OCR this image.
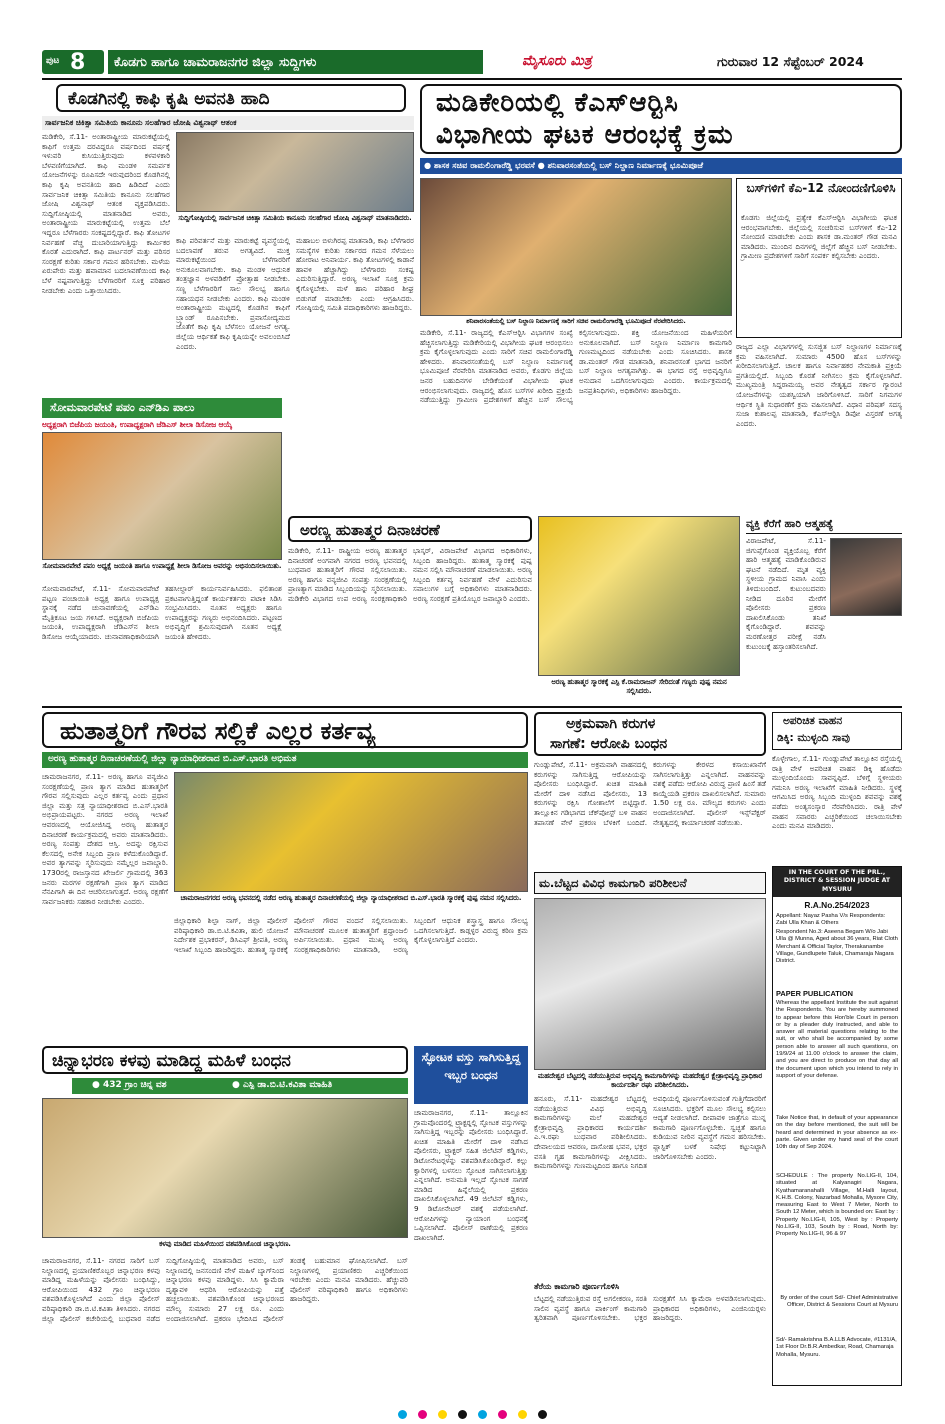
ಪುಟ 8 ಕೊಡಗು ಹಾಗೂ ಚಾಮರಾಜನಗರ ಜಿಲ್ಲಾ ಸುದ್ದಿಗಳು	ಮೈಸೂರು ಮಿತ್ರ	ಗುರುವಾರ 12 ಸೆಪ್ಟೆಂಬರ್ 2024
ಕೊಡಗಿನಲ್ಲಿ ಕಾಫಿ ಕೃಷಿ ಅವನತಿ ಹಾದಿ
ಸಾರ್ವಜನಿಕ ಚಿಕಿತ್ಸಾ ಸಮಿತಿಯ ಕಾನೂನು ಸಲಹೆಗಾರ ಜೋಷಿ ವಿಶ್ವನಾಥ್ ಆತಂಕ
ಮಡಿಕೇರಿ, ಸೆ.11- ಅಂತಾರಾಷ್ಟ್ರೀಯ ಮಾರುಕಟ್ಟೆಯಲ್ಲಿ ಕಾಫಿಗೆ ಉತ್ತಮ ದರವಿದ್ದರೂ ವರ್ಷದಿಂದ ವರ್ಷಕ್ಕೆ ಇಳುವರಿ ಕುಸಿಯುತ್ತಿರುವುದು ಕಳವಳಕಾರಿ ಬೆಳವಣಿಗೆಯಾಗಿದೆ. ಕಾಫಿ ಮಂಡಳಿ ಸಮರ್ಪಕ ಯೋಜನೆಗಳನ್ನು ರೂಪಿಸದೇ ಇರುವುದರಿಂದ ಕೊಡಗಿನಲ್ಲಿ ಕಾಫಿ ಕೃಷಿ ಅವನತಿಯ ಹಾದಿ ಹಿಡಿದಿದೆ ಎಂದು ಸಾರ್ವಜನಿಕ ಚಿಕಿತ್ಸಾ ಸಮಿತಿಯ ಕಾನೂನು ಸಲಹೆಗಾರ ಜೋಷಿ ವಿಶ್ವನಾಥ್ ಆತಂಕ ವ್ಯಕ್ತಪಡಿಸಿದರು. ಸುದ್ದಿಗೋಷ್ಠಿಯಲ್ಲಿ ಮಾತನಾಡಿದ ಅವರು, ಅಂತಾರಾಷ್ಟ್ರೀಯ ಮಾರುಕಟ್ಟೆಯಲ್ಲಿ ಉತ್ತಮ ಬೆಲೆ ಇದ್ದರೂ ಬೆಳೆಗಾರರು ಸಂಕಷ್ಟದಲ್ಲಿದ್ದಾರೆ. ಕಾಫಿ ತೋಟಗಳ ನಿರ್ವಹಣೆ ವೆಚ್ಚ ದುಬಾರಿಯಾಗುತ್ತಿದ್ದು ಕಾರ್ಮಿಕರ ಕೊರತೆ ಎದುರಾಗಿದೆ. ಕಾಫಿ ಪಾರ್ಟನರ್ ಮತ್ತು ಪರಿಸರ ಸಂರಕ್ಷಣೆ ಕುರಿತು ಸರ್ಕಾರ ಗಮನ ಹರಿಸಬೇಕು. ಮಳೆಯ ಏರುಪೇರು ಮತ್ತು ಹವಾಮಾನ ಬದಲಾವಣೆಯಿಂದ ಕಾಫಿ ಬೆಳೆ ನಷ್ಟವಾಗುತ್ತಿದ್ದು ಬೆಳೆಗಾರರಿಗೆ ಸೂಕ್ತ ಪರಿಹಾರ ನೀಡಬೇಕು ಎಂದು ಒತ್ತಾಯಿಸಿದರು.
ಸುದ್ದಿಗೋಷ್ಠಿಯಲ್ಲಿ ಸಾರ್ವಜನಿಕ ಚಿಕಿತ್ಸಾ ಸಮಿತಿಯ ಕಾನೂನು ಸಲಹೆಗಾರ ಜೋಷಿ ವಿಶ್ವನಾಥ್ ಮಾತನಾಡಿದರು.
ಕಾಫಿ ಪರಿವರ್ತನೆ ಮತ್ತು ಮಾರುಕಟ್ಟೆ ವ್ಯವಸ್ಥೆಯಲ್ಲಿ ಬದಲಾವಣೆ ತರುವ ಅಗತ್ಯವಿದೆ. ಮುಕ್ತ ಮಾರುಕಟ್ಟೆಯಿಂದ ಬೆಳೆಗಾರರಿಗೆ ಅನುಕೂಲವಾಗಬೇಕು. ಕಾಫಿ ಮಂಡಳಿ ಆಧುನಿಕ ತಂತ್ರಜ್ಞಾನ ಅಳವಡಿಕೆಗೆ ಪ್ರೋತ್ಸಾಹ ನೀಡಬೇಕು. ಸಣ್ಣ ಬೆಳೆಗಾರರಿಗೆ ಸಾಲ ಸೌಲಭ್ಯ ಹಾಗೂ ಸಹಾಯಧನ ನೀಡಬೇಕು ಎಂದರು. ಕಾಫಿ ಮಂಡಳಿ ಅಂತಾರಾಷ್ಟ್ರೀಯ ಮಟ್ಟದಲ್ಲಿ ಕೊಡಗಿನ ಕಾಫಿಗೆ ಬ್ರ್ಯಾಂಡ್ ರೂಪಿಸಬೇಕು. ಪ್ರವಾಸೋದ್ಯಮದ ಜೊತೆಗೆ ಕಾಫಿ ಕೃಷಿ ಬೆಳೆಸಲು ಯೋಜನೆ ಅಗತ್ಯ. ಜಿಲ್ಲೆಯ ಆರ್ಥಿಕತೆ ಕಾಫಿ ಕೃಷಿಯನ್ನೇ ಅವಲಂಬಿಸಿದೆ ಎಂದರು.
ಮಹಾಬಲ ಬಿಳುಗಿರಪ್ಪ ಮಾತನಾಡಿ, ಕಾಫಿ ಬೆಳೆಗಾರರ ಸಮಸ್ಯೆಗಳ ಕುರಿತು ಸರ್ಕಾರದ ಗಮನ ಸೆಳೆಯಲು ಹೋರಾಟ ಅನಿವಾರ್ಯ. ಕಾಫಿ ತೋಟಗಳಲ್ಲಿ ಕಾಡಾನೆ ಹಾವಳಿ ಹೆಚ್ಚಾಗಿದ್ದು ಬೆಳೆಗಾರರು ಸಂಕಷ್ಟ ಎದುರಿಸುತ್ತಿದ್ದಾರೆ. ಅರಣ್ಯ ಇಲಾಖೆ ಸೂಕ್ತ ಕ್ರಮ ಕೈಗೊಳ್ಳಬೇಕು. ಮಳೆ ಹಾನಿ ಪರಿಹಾರ ಶೀಘ್ರ ಬಿಡುಗಡೆ ಮಾಡಬೇಕು ಎಂದು ಆಗ್ರಹಿಸಿದರು. ಗೋಷ್ಠಿಯಲ್ಲಿ ಸಮಿತಿ ಪದಾಧಿಕಾರಿಗಳು ಹಾಜರಿದ್ದರು.
ಸೋಮವಾರಪೇಟೆ ಪಪಂ ಎನ್‍ಡಿಎ ಪಾಲು
ಅಧ್ಯಕ್ಷರಾಗಿ ಬಿಜೆಪಿಯ ಜಯಂತಿ, ಉಪಾಧ್ಯಕ್ಷರಾಗಿ ಜೆಡಿಎಸ್ ಶೀಲಾ ಡಿಸೋಜ ಆಯ್ಕೆ
ಸೋಮವಾರಪೇಟೆ ಪಪಂ ಅಧ್ಯಕ್ಷೆ ಜಯಂತಿ ಹಾಗೂ ಉಪಾಧ್ಯಕ್ಷೆ ಶೀಲಾ ಡಿಸೋಜ ಅವರನ್ನು ಅಭಿನಂದಿಸಲಾಯಿತು.
ಸೋಮವಾರಪೇಟೆ, ಸೆ.11- ಸೋಮವಾರಪೇಟೆ ಪಟ್ಟಣ ಪಂಚಾಯಿತಿ ಅಧ್ಯಕ್ಷ ಹಾಗೂ ಉಪಾಧ್ಯಕ್ಷ ಸ್ಥಾನಕ್ಕೆ ನಡೆದ ಚುನಾವಣೆಯಲ್ಲಿ ಎನ್‍ಡಿಎ ಮೈತ್ರಿಕೂಟ ಜಯ ಗಳಿಸಿದೆ. ಅಧ್ಯಕ್ಷರಾಗಿ ಬಿಜೆಪಿಯ ಜಯಂತಿ, ಉಪಾಧ್ಯಕ್ಷರಾಗಿ ಜೆಡಿಎಸ್‍ನ ಶೀಲಾ ಡಿಸೋಜ ಆಯ್ಕೆಯಾದರು. ಚುನಾವಣಾಧಿಕಾರಿಯಾಗಿ ತಹಸೀಲ್ದಾರ್ ಕಾರ್ಯನಿರ್ವಹಿಸಿದರು. ಫಲಿತಾಂಶ ಪ್ರಕಟವಾಗುತ್ತಿದ್ದಂತೆ ಕಾರ್ಯಕರ್ತರು ಪಟಾಕಿ ಸಿಡಿಸಿ ಸಂಭ್ರಮಿಸಿದರು. ನೂತನ ಅಧ್ಯಕ್ಷರು ಹಾಗೂ ಉಪಾಧ್ಯಕ್ಷರನ್ನು ಗಣ್ಯರು ಅಭಿನಂದಿಸಿದರು. ಪಟ್ಟಣದ ಅಭಿವೃದ್ಧಿಗೆ ಶ್ರಮಿಸುವುದಾಗಿ ನೂತನ ಅಧ್ಯಕ್ಷೆ ಜಯಂತಿ ಹೇಳಿದರು.
ಮಡಿಕೇರಿಯಲ್ಲಿ ಕೆಎಸ್‍ಆರ್‍ಟಿಸಿ
ವಿಭಾಗೀಯ ಘಟಕ ಆರಂಭಕ್ಕೆ ಕ್ರಮ
● ಶಾಸಕ ಸಚಿವ ರಾಮಲಿಂಗಾರೆಡ್ಡಿ ಭರವಸೆ ● ಶನಿವಾರಸಂತೆಯಲ್ಲಿ ಬಸ್ ನಿಲ್ದಾಣ ನಿರ್ಮಾಣಕ್ಕೆ ಭೂಮಿಪೂಜೆ
ಶನಿವಾರಸಂತೆಯಲ್ಲಿ ಬಸ್ ನಿಲ್ದಾಣ ನಿರ್ಮಾಣಕ್ಕೆ ಸಾರಿಗೆ ಸಚಿವ ರಾಮಲಿಂಗಾರೆಡ್ಡಿ ಭೂಮಿಪೂಜೆ ನೆರವೇರಿಸಿದರು.
ಮಡಿಕೇರಿ, ಸೆ.11- ರಾಜ್ಯದಲ್ಲಿ ಕೆಎಸ್‍ಆರ್‍ಟಿಸಿ ವಿಭಾಗಗಳ ಸಂಖ್ಯೆ ಹೆಚ್ಚಿಸಲಾಗುತ್ತಿದ್ದು ಮಡಿಕೇರಿಯಲ್ಲಿ ವಿಭಾಗೀಯ ಘಟಕ ಆರಂಭಿಸಲು ಕ್ರಮ ಕೈಗೊಳ್ಳಲಾಗುವುದು ಎಂದು ಸಾರಿಗೆ ಸಚಿವ ರಾಮಲಿಂಗಾರೆಡ್ಡಿ ಹೇಳಿದರು. ಶನಿವಾರಸಂತೆಯಲ್ಲಿ ಬಸ್ ನಿಲ್ದಾಣ ನಿರ್ಮಾಣಕ್ಕೆ ಭೂಮಿಪೂಜೆ ನೆರವೇರಿಸಿ ಮಾತನಾಡಿದ ಅವರು, ಕೊಡಗು ಜಿಲ್ಲೆಯ ಜನರ ಬಹುದಿನಗಳ ಬೇಡಿಕೆಯಂತೆ ವಿಭಾಗೀಯ ಘಟಕ ಆರಂಭಿಸಲಾಗುವುದು. ರಾಜ್ಯದಲ್ಲಿ ಹೊಸ ಬಸ್‍ಗಳ ಖರೀದಿ ಪ್ರಕ್ರಿಯೆ ನಡೆಯುತ್ತಿದ್ದು ಗ್ರಾಮೀಣ ಪ್ರದೇಶಗಳಿಗೆ ಹೆಚ್ಚಿನ ಬಸ್ ಸೌಲಭ್ಯ ಕಲ್ಪಿಸಲಾಗುವುದು. ಶಕ್ತಿ ಯೋಜನೆಯಿಂದ ಮಹಿಳೆಯರಿಗೆ ಅನುಕೂಲವಾಗಿದೆ. ಬಸ್ ನಿಲ್ದಾಣ ನಿರ್ಮಾಣ ಕಾಮಗಾರಿ ಗುಣಮಟ್ಟದಿಂದ ನಡೆಯಬೇಕು ಎಂದು ಸೂಚಿಸಿದರು. ಶಾಸಕ ಡಾ.ಮಂತರ್ ಗೌಡ ಮಾತನಾಡಿ, ಶನಿವಾರಸಂತೆ ಭಾಗದ ಜನರಿಗೆ ಬಸ್ ನಿಲ್ದಾಣ ಅಗತ್ಯವಾಗಿತ್ತು. ಈ ಭಾಗದ ರಸ್ತೆ ಅಭಿವೃದ್ಧಿಗೂ ಅನುದಾನ ಒದಗಿಸಲಾಗುವುದು ಎಂದರು. ಕಾರ್ಯಕ್ರಮದಲ್ಲಿ ಜನಪ್ರತಿನಿಧಿಗಳು, ಅಧಿಕಾರಿಗಳು ಹಾಜರಿದ್ದರು.
ಬಸ್‍ಗಳಿಗೆ ಕೆಎ-12 ನೋಂದಣಿಗೊಳಿಸಿ
ಕೊಡಗು ಜಿಲ್ಲೆಯಲ್ಲಿ ಪ್ರತ್ಯೇಕ ಕೆಎಸ್‍ಆರ್‍ಟಿಸಿ ವಿಭಾಗೀಯ ಘಟಕ ಆರಂಭವಾಗಬೇಕು. ಜಿಲ್ಲೆಯಲ್ಲಿ ಸಂಚರಿಸುವ ಬಸ್‍ಗಳಿಗೆ ಕೆಎ-12 ನೋಂದಣಿ ಮಾಡಬೇಕು ಎಂದು ಶಾಸಕ ಡಾ.ಮಂತರ್ ಗೌಡ ಮನವಿ ಮಾಡಿದರು. ಮುಂದಿನ ದಿನಗಳಲ್ಲಿ ಜಿಲ್ಲೆಗೆ ಹೆಚ್ಚಿನ ಬಸ್ ನೀಡಬೇಕು. ಗ್ರಾಮೀಣ ಪ್ರದೇಶಗಳಿಗೆ ಸಾರಿಗೆ ಸಂಪರ್ಕ ಕಲ್ಪಿಸಬೇಕು ಎಂದರು.
ರಾಜ್ಯದ ಎಲ್ಲಾ ವಿಭಾಗಗಳಲ್ಲಿ ಸುಸಜ್ಜಿತ ಬಸ್ ನಿಲ್ದಾಣಗಳ ನಿರ್ಮಾಣಕ್ಕೆ ಕ್ರಮ ವಹಿಸಲಾಗಿದೆ. ಸುಮಾರು 4500 ಹೊಸ ಬಸ್‍ಗಳನ್ನು ಖರೀದಿಸಲಾಗುತ್ತಿದೆ. ಚಾಲಕ ಹಾಗೂ ನಿರ್ವಾಹಕರ ನೇಮಕಾತಿ ಪ್ರಕ್ರಿಯೆ ಪ್ರಗತಿಯಲ್ಲಿದೆ. ಸಿಬ್ಬಂದಿ ಕೊರತೆ ನೀಗಿಸಲು ಕ್ರಮ ಕೈಗೊಳ್ಳಲಾಗಿದೆ. ಮುಖ್ಯಮಂತ್ರಿ ಸಿದ್ದರಾಮಯ್ಯ ಅವರ ನೇತೃತ್ವದ ಸರ್ಕಾರ ಗ್ಯಾರಂಟಿ ಯೋಜನೆಗಳನ್ನು ಯಶಸ್ವಿಯಾಗಿ ಜಾರಿಗೊಳಿಸಿದೆ. ಸಾರಿಗೆ ನಿಗಮಗಳ ಆರ್ಥಿಕ ಸ್ಥಿತಿ ಸುಧಾರಣೆಗೆ ಕ್ರಮ ವಹಿಸಲಾಗಿದೆ. ವಿಧಾನ ಪರಿಷತ್ ಸದಸ್ಯ ಸುಜಾ ಕುಶಾಲಪ್ಪ ಮಾತನಾಡಿ, ಕೆಎಸ್‍ಆರ್‍ಟಿಸಿ ಡಿಪೋ ವಿಸ್ತರಣೆ ಅಗತ್ಯ ಎಂದರು.
ಅರಣ್ಯ ಹುತಾತ್ಮರ ದಿನಾಚರಣೆ
ಮಡಿಕೇರಿ, ಸೆ.11- ರಾಷ್ಟ್ರೀಯ ಅರಣ್ಯ ಹುತಾತ್ಮರ ದಿನಾಚರಣೆ ಅಂಗವಾಗಿ ನಗರದ ಅರಣ್ಯ ಭವನದಲ್ಲಿ ಬುಧವಾರ ಹುತಾತ್ಮರಿಗೆ ಗೌರವ ಸಲ್ಲಿಸಲಾಯಿತು. ಅರಣ್ಯ ಹಾಗೂ ವನ್ಯಜೀವಿ ಸಂಪತ್ತು ಸಂರಕ್ಷಣೆಯಲ್ಲಿ ಪ್ರಾಣತ್ಯಾಗ ಮಾಡಿದ ಸಿಬ್ಬಂದಿಯನ್ನು ಸ್ಮರಿಸಲಾಯಿತು. ಮಡಿಕೇರಿ ವಿಭಾಗದ ಉಪ ಅರಣ್ಯ ಸಂರಕ್ಷಣಾಧಿಕಾರಿ ಭಾಸ್ಕರ್, ವಿರಾಜಪೇಟೆ ವಿಭಾಗದ ಅಧಿಕಾರಿಗಳು, ಸಿಬ್ಬಂದಿ ಹಾಜರಿದ್ದರು. ಹುತಾತ್ಮ ಸ್ಮಾರಕಕ್ಕೆ ಪುಷ್ಪ ನಮನ ಸಲ್ಲಿಸಿ ಮೌನಾಚರಣೆ ಮಾಡಲಾಯಿತು. ಅರಣ್ಯ ಸಿಬ್ಬಂದಿ ಕರ್ತವ್ಯ ನಿರ್ವಹಣೆ ವೇಳೆ ಎದುರಿಸುವ ಸವಾಲುಗಳ ಬಗ್ಗೆ ಅಧಿಕಾರಿಗಳು ಮಾತನಾಡಿದರು. ಅರಣ್ಯ ಸಂರಕ್ಷಣೆ ಪ್ರತಿಯೊಬ್ಬರ ಜವಾಬ್ದಾರಿ ಎಂದರು.
ಅರಣ್ಯ ಹುತಾತ್ಮರ ಸ್ಮಾರಕಕ್ಕೆ ಎಸ್ಪಿ ಕೆ.ರಾಮರಾಜನ್ ಸೇರಿದಂತೆ ಗಣ್ಯರು ಪುಷ್ಪ ನಮನ ಸಲ್ಲಿಸಿದರು.
ವ್ಯಕ್ತಿ ಕೆರೆಗೆ ಹಾರಿ ಆತ್ಮಹತ್ಯೆ
ವಿರಾಜಪೇಟೆ, ಸೆ.11- ಜಿಗುಪ್ಸೆಗೊಂಡ ವ್ಯಕ್ತಿಯೊಬ್ಬ ಕೆರೆಗೆ ಹಾರಿ ಆತ್ಮಹತ್ಯೆ ಮಾಡಿಕೊಂಡಿರುವ ಘಟನೆ ನಡೆದಿದೆ. ಮೃತ ವ್ಯಕ್ತಿ ಸ್ಥಳೀಯ ಗ್ರಾಮದ ನಿವಾಸಿ ಎಂದು ತಿಳಿದುಬಂದಿದೆ. ಕುಟುಂಬದವರು ನೀಡಿದ ದೂರಿನ ಮೇರೆಗೆ ಪೊಲೀಸರು ಪ್ರಕರಣ ದಾಖಲಿಸಿಕೊಂಡು ತನಿಖೆ ಕೈಗೊಂಡಿದ್ದಾರೆ. ಶವವನ್ನು ಮರಣೋತ್ತರ ಪರೀಕ್ಷೆ ನಡೆಸಿ ಕುಟುಂಬಕ್ಕೆ ಹಸ್ತಾಂತರಿಸಲಾಗಿದೆ.
ಹುತಾತ್ಮರಿಗೆ ಗೌರವ ಸಲ್ಲಿಕೆ ಎಲ್ಲರ ಕರ್ತವ್ಯ
ಅರಣ್ಯ ಹುತಾತ್ಮರ ದಿನಾಚರಣೆಯಲ್ಲಿ ಜಿಲ್ಲಾ ನ್ಯಾಯಾಧೀಶರಾದ ಬಿ.ಎಸ್.ಭಾರತಿ ಅಭಿಮತ
ಚಾಮರಾಜನಗರ, ಸೆ.11- ಅರಣ್ಯ ಹಾಗೂ ವನ್ಯಜೀವಿ ಸಂರಕ್ಷಣೆಯಲ್ಲಿ ಪ್ರಾಣ ತ್ಯಾಗ ಮಾಡಿದ ಹುತಾತ್ಮರಿಗೆ ಗೌರವ ಸಲ್ಲಿಸುವುದು ಎಲ್ಲರ ಕರ್ತವ್ಯ ಎಂದು ಪ್ರಧಾನ ಜಿಲ್ಲಾ ಮತ್ತು ಸತ್ರ ನ್ಯಾಯಾಧೀಶರಾದ ಬಿ.ಎಸ್.ಭಾರತಿ ಅಭಿಪ್ರಾಯಪಟ್ಟರು. ನಗರದ ಅರಣ್ಯ ಇಲಾಖೆ ಆವರಣದಲ್ಲಿ ಆಯೋಜಿಸಿದ್ದ ಅರಣ್ಯ ಹುತಾತ್ಮರ ದಿನಾಚರಣೆ ಕಾರ್ಯಕ್ರಮದಲ್ಲಿ ಅವರು ಮಾತನಾಡಿದರು. ಅರಣ್ಯ ಸಂಪತ್ತು ದೇಶದ ಆಸ್ತಿ. ಅದನ್ನು ರಕ್ಷಿಸುವ ಕೆಲಸದಲ್ಲಿ ಅನೇಕ ಸಿಬ್ಬಂದಿ ಪ್ರಾಣ ಕಳೆದುಕೊಂಡಿದ್ದಾರೆ. ಅವರ ತ್ಯಾಗವನ್ನು ಸ್ಮರಿಸುವುದು ನಮ್ಮೆಲ್ಲರ ಜವಾಬ್ದಾರಿ. 1730ರಲ್ಲಿ ರಾಜಸ್ತಾನದ ಖೇಜರ್ಲಿ ಗ್ರಾಮದಲ್ಲಿ 363 ಜನರು ಮರಗಳ ರಕ್ಷಣೆಗಾಗಿ ಪ್ರಾಣ ತ್ಯಾಗ ಮಾಡಿದ ನೆನಪಿಗಾಗಿ ಈ ದಿನ ಆಚರಿಸಲಾಗುತ್ತದೆ. ಅರಣ್ಯ ರಕ್ಷಣೆಗೆ ಸಾರ್ವಜನಿಕರು ಸಹಕಾರ ನೀಡಬೇಕು ಎಂದರು.	ಚಾಮರಾಜನಗರದ ಅರಣ್ಯ ಭವನದಲ್ಲಿ ನಡೆದ ಅರಣ್ಯ ಹುತಾತ್ಮರ ದಿನಾಚರಣೆಯಲ್ಲಿ ಜಿಲ್ಲಾ ನ್ಯಾಯಾಧೀಶರಾದ ಬಿ.ಎಸ್.ಭಾರತಿ ಸ್ಮಾರಕಕ್ಕೆ ಪುಷ್ಪ ನಮನ ಸಲ್ಲಿಸಿದರು.
ಜಿಲ್ಲಾಧಿಕಾರಿ ಶಿಲ್ಪಾ ನಾಗ್, ಜಿಲ್ಲಾ ಪೊಲೀಸ್ ವರಿಷ್ಠಾಧಿಕಾರಿ ಡಾ.ಬಿ.ಟಿ.ಕವಿತಾ, ಹುಲಿ ಯೋಜನೆ ನಿರ್ದೇಶಕ ಪ್ರಭಾಕರನ್, ಡಿಸಿಎಫ್ ಶ್ರೀಪತಿ, ಅರಣ್ಯ ಇಲಾಖೆ ಸಿಬ್ಬಂದಿ ಹಾಜರಿದ್ದರು. ಹುತಾತ್ಮ ಸ್ಮಾರಕಕ್ಕೆ ಪೊಲೀಸ್ ಗೌರವ ವಂದನೆ ಸಲ್ಲಿಸಲಾಯಿತು. ಮೌನಾಚರಣೆ ಮೂಲಕ ಹುತಾತ್ಮರಿಗೆ ಶ್ರದ್ಧಾಂಜಲಿ ಅರ್ಪಿಸಲಾಯಿತು. ಪ್ರಧಾನ ಮುಖ್ಯ ಅರಣ್ಯ ಸಂರಕ್ಷಣಾಧಿಕಾರಿಗಳು ಮಾತನಾಡಿ, ಅರಣ್ಯ ಸಿಬ್ಬಂದಿಗೆ ಆಧುನಿಕ ಶಸ್ತ್ರಾಸ್ತ್ರ ಹಾಗೂ ಸೌಲಭ್ಯ ಒದಗಿಸಲಾಗುತ್ತಿದೆ. ಕಾಡ್ಗಳ್ಳರ ವಿರುದ್ಧ ಕಠಿಣ ಕ್ರಮ ಕೈಗೊಳ್ಳಲಾಗುತ್ತಿದೆ ಎಂದರು.
ಅಕ್ರಮವಾಗಿ ಕರುಗಳ
ಸಾಗಣೆ: ಆರೋಪಿ ಬಂಧನ
ಗುಂಡ್ಲುಪೇಟೆ, ಸೆ.11- ಅಕ್ರಮವಾಗಿ ವಾಹನದಲ್ಲಿ ಕರುಗಳನ್ನು ಸಾಗಿಸುತ್ತಿದ್ದ ಆರೋಪಿಯನ್ನು ಪೊಲೀಸರು ಬಂಧಿಸಿದ್ದಾರೆ. ಖಚಿತ ಮಾಹಿತಿ ಮೇರೆಗೆ ದಾಳಿ ನಡೆಸಿದ ಪೊಲೀಸರು, 13 ಕರುಗಳನ್ನು ರಕ್ಷಿಸಿ ಗೋಶಾಲೆಗೆ ಬಿಟ್ಟಿದ್ದಾರೆ. ತಾಲ್ಲೂಕಿನ ಗಡಿಭಾಗದ ಚೆಕ್‍ಪೋಸ್ಟ್ ಬಳಿ ವಾಹನ ತಪಾಸಣೆ ವೇಳೆ ಪ್ರಕರಣ ಬೆಳಕಿಗೆ ಬಂದಿದೆ. ಕರುಗಳನ್ನು ಕೇರಳದ ಕಸಾಯಿಖಾನೆಗೆ ಸಾಗಿಸಲಾಗುತ್ತಿತ್ತು ಎನ್ನಲಾಗಿದೆ. ವಾಹನವನ್ನು ವಶಕ್ಕೆ ಪಡೆದು ಆರೋಪಿ ವಿರುದ್ಧ ಪ್ರಾಣಿ ಹಿಂಸೆ ತಡೆ ಕಾಯ್ದೆಯಡಿ ಪ್ರಕರಣ ದಾಖಲಿಸಲಾಗಿದೆ. ಸುಮಾರು 1.50 ಲಕ್ಷ ರೂ. ಮೌಲ್ಯದ ಕರುಗಳು ಎಂದು ಅಂದಾಜಿಸಲಾಗಿದೆ. ಪೊಲೀಸ್ ಇನ್ಸ್‌ಪೆಕ್ಟರ್ ನೇತೃತ್ವದಲ್ಲಿ ಕಾರ್ಯಾಚರಣೆ ನಡೆಯಿತು.
ಅಪರಿಚಿತ ವಾಹನ
ಡಿಕ್ಕಿ: ಮುಳ್ಳಂದಿ ಸಾವು
ಕೊಳ್ಳೇಗಾಲ, ಸೆ.11- ಗುಂಡ್ಲುಪೇಟೆ ತಾಲ್ಲೂಕಿನ ರಸ್ತೆಯಲ್ಲಿ ರಾತ್ರಿ ವೇಳೆ ಅಪರಿಚಿತ ವಾಹನ ಡಿಕ್ಕಿ ಹೊಡೆದು ಮುಳ್ಳಂದಿಯೊಂದು ಸಾವನ್ನಪ್ಪಿದೆ. ಬೆಳಿಗ್ಗೆ ಸ್ಥಳೀಯರು ಗಮನಿಸಿ ಅರಣ್ಯ ಇಲಾಖೆಗೆ ಮಾಹಿತಿ ನೀಡಿದರು. ಸ್ಥಳಕ್ಕೆ ಆಗಮಿಸಿದ ಅರಣ್ಯ ಸಿಬ್ಬಂದಿ ಮುಳ್ಳಂದಿ ಶವವನ್ನು ವಶಕ್ಕೆ ಪಡೆದು ಅಂತ್ಯಸಂಸ್ಕಾರ ನೆರವೇರಿಸಿದರು. ರಾತ್ರಿ ವೇಳೆ ವಾಹನ ಸವಾರರು ಎಚ್ಚರಿಕೆಯಿಂದ ಚಲಾಯಿಸಬೇಕು ಎಂದು ಮನವಿ ಮಾಡಿದರು.
IN THE COURT OF THE PRL., DISTRICT & SESSION JUDGE AT MYSURU
R.A.No.254/2023
Appellant: Nayaz Pasha V/s Respondents: Zabi Ulla Khan & Others
Respondent No.3: Aseena Begam W/o Jabi Ulla @ Munna, Aged about 36 years, Riat Cloth Merchant & Official Taylor, Therakanambe Village, Gundlupete Taluk, Chamaraja Nagara District.
PAPER PUBLICATION
Whereas the appellant Institute the suit against the Respondents. You are hereby summoned to appear before this Hon'ble Court in person or by a pleader duly instructed, and able to answer all material questions relating to the suit, or who shall be accompanied by some person able to answer all such questions, on 19/9/24 at 11.00 o'clock to answer the claim, and you are direct to produce on that day all the document upon which you intend to rely in support of your defense.
Take Notice that, in default of your appearance on the day before mentioned, the suit will be heard and determined in your absence as ex-parte. Given under my hand seal of the court 10th day of Sep 2024.
SCHEDULE : The property No.LIG-II, 104, situated at Kalyanagiri Nagara, Kyathamaranahalli Village, M.Halli layout, K.H.B. Colony, Nazarbad Mohalla, Mysore City, measuring East to West 7 Meter, North to South 12 Meter, which is bounded on: East by : Property No.LIG-II, 105, West by : Property No.LIG-II, 103, South by : Road, North by: Property No.LIG-II, 96 & 97
By order of the court Sd/- Chief Administrative Officer, District & Sessions Court at Mysuru
Sd/- Ramakrishna B.A.LLB Advocate, #1131/A, 1st Floor Dr.B.R.Ambedkar, Road, Chamaraja Mohalla, Mysuru.
ಮ.ಬೆಟ್ಟದ ವಿವಿಧ ಕಾಮಗಾರಿ ಪರಿಶೀಲನೆ
ಮಹದೇಶ್ವರ ಬೆಟ್ಟದಲ್ಲಿ ನಡೆಯುತ್ತಿರುವ ಅಭಿವೃದ್ಧಿ ಕಾಮಗಾರಿಗಳನ್ನು ಮಹದೇಶ್ವರ ಕ್ಷೇತ್ರಾಭಿವೃದ್ಧಿ ಪ್ರಾಧಿಕಾರ ಕಾರ್ಯದರ್ಶಿ ರಘು ಪರಿಶೀಲಿಸಿದರು.
ಹನೂರು, ಸೆ.11- ಮಹದೇಶ್ವರ ಬೆಟ್ಟದಲ್ಲಿ ನಡೆಯುತ್ತಿರುವ ವಿವಿಧ ಅಭಿವೃದ್ಧಿ ಕಾಮಗಾರಿಗಳನ್ನು ಮಲೆ ಮಹದೇಶ್ವರ ಕ್ಷೇತ್ರಾಭಿವೃದ್ಧಿ ಪ್ರಾಧಿಕಾರದ ಕಾರ್ಯದರ್ಶಿ ಎ.ಇ.ರಘು ಬುಧವಾರ ಪರಿಶೀಲಿಸಿದರು. ದೇವಾಲಯದ ಆವರಣ, ದಾಸೋಹ ಭವನ, ಭಕ್ತರ ವಸತಿ ಗೃಹ ಕಾಮಗಾರಿಗಳನ್ನು ವೀಕ್ಷಿಸಿದರು. ಕಾಮಗಾರಿಗಳನ್ನು ಗುಣಮಟ್ಟದಿಂದ ಹಾಗೂ ನಿಗದಿತ ಅವಧಿಯಲ್ಲಿ ಪೂರ್ಣಗೊಳಿಸುವಂತೆ ಗುತ್ತಿಗೆದಾರರಿಗೆ ಸೂಚಿಸಿದರು. ಭಕ್ತರಿಗೆ ಮೂಲ ಸೌಲಭ್ಯ ಕಲ್ಪಿಸಲು ಆದ್ಯತೆ ನೀಡಲಾಗಿದೆ. ದೀಪಾವಳಿ ಜಾತ್ರೆಗೂ ಮುನ್ನ ಕಾಮಗಾರಿ ಪೂರ್ಣಗೊಳ್ಳಬೇಕು. ಸ್ವಚ್ಛತೆ ಹಾಗೂ ಕುಡಿಯುವ ನೀರಿನ ವ್ಯವಸ್ಥೆಗೆ ಗಮನ ಹರಿಸಬೇಕು. ಪ್ಲಾಸ್ಟಿಕ್ ಬಳಕೆ ನಿಷೇಧ ಕಟ್ಟುನಿಟ್ಟಾಗಿ ಜಾರಿಗೊಳಿಸಬೇಕು ಎಂದರು.
ತೆರೆಯ ಕಾಮಗಾರಿ ಪೂರ್ಣಗೊಳಿಸಿ
ಬೆಟ್ಟದಲ್ಲಿ ನಡೆಯುತ್ತಿರುವ ರಸ್ತೆ ಅಗಲೀಕರಣ, ಸರತಿ ಸಾಲಿನ ವ್ಯವಸ್ಥೆ ಹಾಗೂ ಪಾರ್ಕಿಂಗ್ ಕಾಮಗಾರಿ ತ್ವರಿತವಾಗಿ ಪೂರ್ಣಗೊಳಿಸಬೇಕು. ಭಕ್ತರ ಸುರಕ್ಷತೆಗೆ ಸಿಸಿ ಕ್ಯಾಮೆರಾ ಅಳವಡಿಸಲಾಗುವುದು. ಪ್ರಾಧಿಕಾರದ ಅಧಿಕಾರಿಗಳು, ಎಂಜಿನಿಯರ್‍ಗಳು ಹಾಜರಿದ್ದರು.
ಚಿನ್ನಾಭರಣ ಕಳವು ಮಾಡಿದ್ದ ಮಹಿಳೆ ಬಂಧನ
● 432 ಗ್ರಾಂ ಚಿನ್ನ ವಶ	● ಎಸ್ಪಿ ಡಾ.ಬಿ.ಟಿ.ಕವಿತಾ ಮಾಹಿತಿ
ಕಳವು ಮಾಡಿದ ಮಹಿಳೆಯಿಂದ ವಶಪಡಿಸಿಕೊಂಡ ಚಿನ್ನಾಭರಣ.
ಚಾಮರಾಜನಗರ, ಸೆ.11- ನಗರದ ಸಾರಿಗೆ ಬಸ್ ನಿಲ್ದಾಣದಲ್ಲಿ ಪ್ರಯಾಣಿಕರೊಬ್ಬರ ಚಿನ್ನಾಭರಣ ಕಳವು ಮಾಡಿದ್ದ ಮಹಿಳೆಯನ್ನು ಪೊಲೀಸರು ಬಂಧಿಸಿದ್ದು, ಆರೋಪಿಯಿಂದ 432 ಗ್ರಾಂ ಚಿನ್ನಾಭರಣ ವಶಪಡಿಸಿಕೊಳ್ಳಲಾಗಿದೆ ಎಂದು ಜಿಲ್ಲಾ ಪೊಲೀಸ್ ವರಿಷ್ಠಾಧಿಕಾರಿ ಡಾ.ಬಿ.ಟಿ.ಕವಿತಾ ತಿಳಿಸಿದರು. ನಗರದ ಜಿಲ್ಲಾ ಪೊಲೀಸ್ ಕಚೇರಿಯಲ್ಲಿ ಬುಧವಾರ ನಡೆದ ಸುದ್ದಿಗೋಷ್ಠಿಯಲ್ಲಿ ಮಾತನಾಡಿದ ಅವರು, ಬಸ್ ನಿಲ್ದಾಣದಲ್ಲಿ ಜನಸಂದಣಿ ವೇಳೆ ಮಹಿಳೆ ಬ್ಯಾಗ್‍ನಿಂದ ಚಿನ್ನಾಭರಣ ಕಳವು ಮಾಡಿದ್ದಳು. ಸಿಸಿ ಕ್ಯಾಮೆರಾ ದೃಶ್ಯಾವಳಿ ಆಧರಿಸಿ ಆರೋಪಿಯನ್ನು ಪತ್ತೆ ಹಚ್ಚಲಾಯಿತು. ವಶಪಡಿಸಿಕೊಂಡ ಚಿನ್ನಾಭರಣದ ಮೌಲ್ಯ ಸುಮಾರು 27 ಲಕ್ಷ ರೂ. ಎಂದು ಅಂದಾಜಿಸಲಾಗಿದೆ. ಪ್ರಕರಣ ಭೇದಿಸಿದ ಪೊಲೀಸ್ ತಂಡಕ್ಕೆ ಬಹುಮಾನ ಘೋಷಿಸಲಾಗಿದೆ. ಬಸ್ ನಿಲ್ದಾಣಗಳಲ್ಲಿ ಪ್ರಯಾಣಿಕರು ಎಚ್ಚರಿಕೆಯಿಂದ ಇರಬೇಕು ಎಂದು ಮನವಿ ಮಾಡಿದರು. ಹೆಚ್ಚುವರಿ ಪೊಲೀಸ್ ವರಿಷ್ಠಾಧಿಕಾರಿ ಹಾಗೂ ಅಧಿಕಾರಿಗಳು ಹಾಜರಿದ್ದರು.
ಸ್ಫೋಟಕ ವಸ್ತು ಸಾಗಿಸುತ್ತಿದ್ದ ಇಬ್ಬರ ಬಂಧನ
ಚಾಮರಾಜನಗರ, ಸೆ.11- ತಾಲ್ಲೂಕಿನ ಗ್ರಾಮವೊಂದರಲ್ಲಿ ಟ್ರ್ಯಾಕ್ಟರ್‍ನಲ್ಲಿ ಸ್ಫೋಟಕ ವಸ್ತುಗಳನ್ನು ಸಾಗಿಸುತ್ತಿದ್ದ ಇಬ್ಬರನ್ನು ಪೊಲೀಸರು ಬಂಧಿಸಿದ್ದಾರೆ. ಖಚಿತ ಮಾಹಿತಿ ಮೇರೆಗೆ ದಾಳಿ ನಡೆಸಿದ ಪೊಲೀಸರು, ಟ್ರ್ಯಾಕ್ಟರ್ ಸಹಿತ ಜಿಲೆಟಿನ್ ಕಡ್ಡಿಗಳು, ಡಿಟೋನೇಟರ್‍ಗಳನ್ನು ವಶಪಡಿಸಿಕೊಂಡಿದ್ದಾರೆ. ಕಲ್ಲು ಕ್ವಾರಿಗಳಲ್ಲಿ ಬಳಸಲು ಸ್ಫೋಟಕ ಸಾಗಿಸಲಾಗುತ್ತಿತ್ತು ಎನ್ನಲಾಗಿದೆ. ಅನುಮತಿ ಇಲ್ಲದೆ ಸ್ಫೋಟಕ ಸಾಗಣೆ ಮಾಡಿದ ಹಿನ್ನೆಲೆಯಲ್ಲಿ ಪ್ರಕರಣ ದಾಖಲಿಸಿಕೊಳ್ಳಲಾಗಿದೆ. 49 ಜಿಲೆಟಿನ್ ಕಡ್ಡಿಗಳು, 9 ಡಿಟೋನೇಟರ್ ವಶಕ್ಕೆ ಪಡೆಯಲಾಗಿದೆ. ಆರೋಪಿಗಳನ್ನು ನ್ಯಾಯಾಂಗ ಬಂಧನಕ್ಕೆ ಒಪ್ಪಿಸಲಾಗಿದೆ. ಪೊಲೀಸ್ ಠಾಣೆಯಲ್ಲಿ ಪ್ರಕರಣ ದಾಖಲಾಗಿದೆ.
